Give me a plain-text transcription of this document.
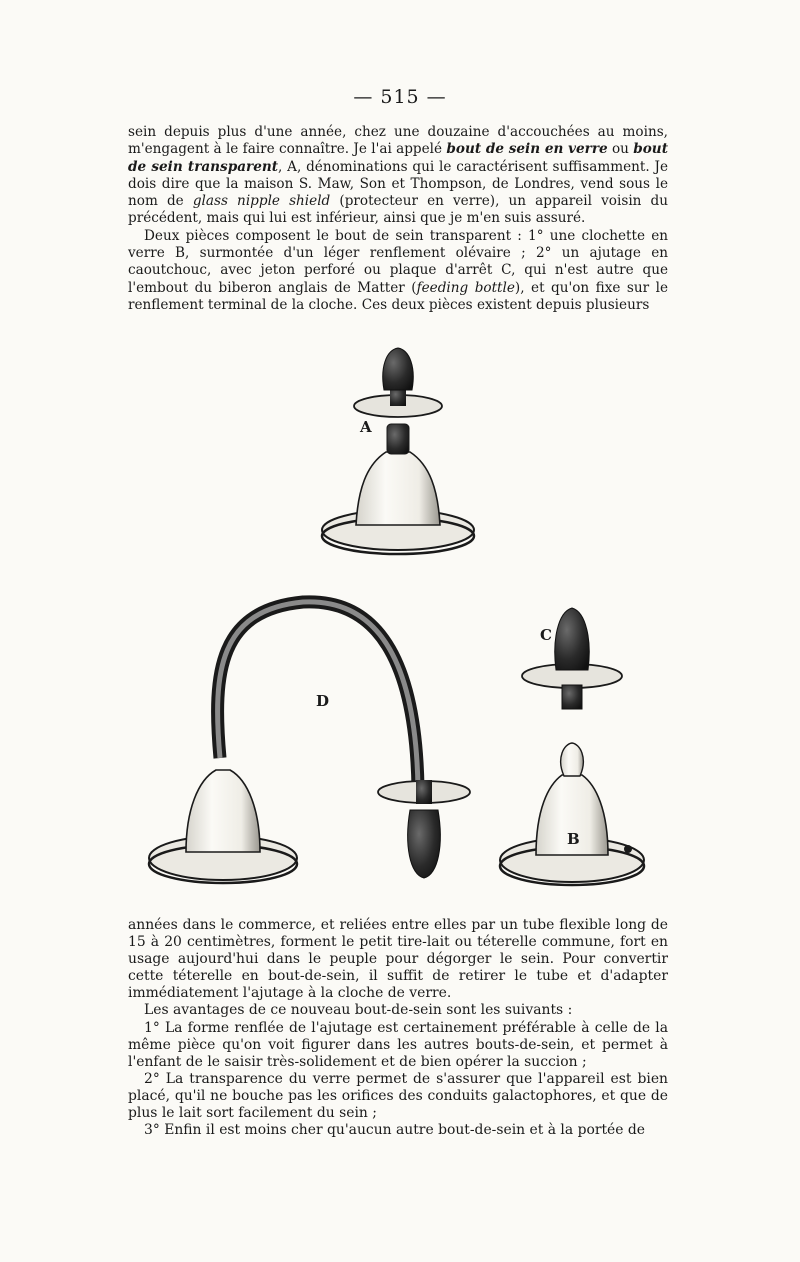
— 515 —

sein depuis plus d'une année, chez une douzaine d'accouchées au moins, m'engagent à le faire connaître. Je l'ai appelé bout de sein en verre ou bout de sein transparent, A, dénominations qui le caractérisent suffisamment. Je dois dire que la maison S. Maw, Son et Thompson, de Londres, vend sous le nom de glass nipple shield (protecteur en verre), un appareil voisin du précédent, mais qui lui est inférieur, ainsi que je m'en suis assuré.

Deux pièces composent le bout de sein transparent : 1° une clochette en verre B, surmontée d'un léger renflement olévaire ; 2° un ajutage en caoutchouc, avec jeton perforé ou plaque d'arrêt C, qui n'est autre que l'embout du biberon anglais de Matter (feeding bottle), et qu'on fixe sur le renflement terminal de la cloche. Ces deux pièces existent depuis plusieurs

A
B
C
D

années dans le commerce, et reliées entre elles par un tube flexible long de 15 à 20 centimètres, forment le petit tire-lait ou téterelle commune, fort en usage aujourd'hui dans le peuple pour dégorger le sein. Pour convertir cette téterelle en bout-de-sein, il suffit de retirer le tube et d'adapter immédiatement l'ajutage à la cloche de verre.

Les avantages de ce nouveau bout-de-sein sont les suivants :

1° La forme renflée de l'ajutage est certainement préférable à celle de la même pièce qu'on voit figurer dans les autres bouts-de-sein, et permet à l'enfant de le saisir très-solidement et de bien opérer la succion ;

2° La transparence du verre permet de s'assurer que l'appareil est bien placé, qu'il ne bouche pas les orifices des conduits galactophores, et que de plus le lait sort facilement du sein ;

3° Enfin il est moins cher qu'aucun autre bout-de-sein et à la portée de
